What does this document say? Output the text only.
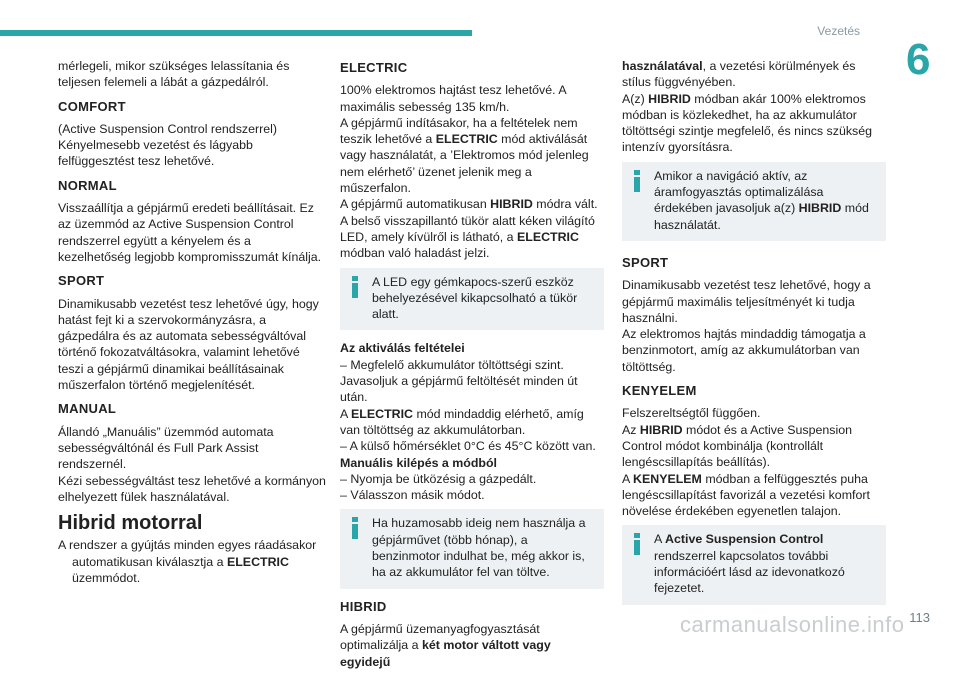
Vezetés
6

mérlegeli, mikor szükséges lelassítania és teljesen felemeli a lábát a gázpedálról.

COMFORT

(Active Suspension Control rendszerrel) Kényelmesebb vezetést és lágyabb felfüggesztést tesz lehetővé.

NORMAL

Visszaállítja a gépjármű eredeti beállításait. Ez az üzemmód az Active Suspension Control rendszerrel együtt a kényelem és a kezelhetőség legjobb kompromisszumát kínálja.

SPORT

Dinamikusabb vezetést tesz lehetővé úgy, hogy hatást fejt ki a szervokormányzásra, a gázpedálra és az automata sebességváltóval történő fokozatváltásokra, valamint lehetővé teszi a gépjármű dinamikai beállításainak műszerfalon történő megjelenítését.

MANUAL

Állandó „Manuális” üzemmód automata sebességváltónál és Full Park Assist rendszernél.

Kézi sebességváltást tesz lehetővé a kormányon elhelyezett fülek használatával.

Hibrid motorral

A rendszer a gyújtás minden egyes ráadásakor automatikusan kiválasztja a ELECTRIC üzemmódot.

ELECTRIC

100% elektromos hajtást tesz lehetővé. A maximális sebesség 135 km/h.

A gépjármű indításakor, ha a feltételek nem teszik lehetővé a ELECTRIC mód aktiválását vagy használatát, a ’Elektromos mód jelenleg nem elérhető’ üzenet jelenik meg a műszerfalon.

A gépjármű automatikusan HIBRID módra vált.

A belső visszapillantó tükör alatt kéken világító LED, amely kívülről is látható, a ELECTRIC módban való haladást jelzi.

A LED egy gémkapocs-szerű eszköz behelyezésével kikapcsolható a tükör alatt.

Az aktiválás feltételei

– Megfelelő akkumulátor töltöttségi szint.

Javasoljuk a gépjármű feltöltését minden út után.

A ELECTRIC mód mindaddig elérhető, amíg van töltöttség az akkumulátorban.

– A külső hőmérséklet 0°C és 45°C között van.

Manuális kilépés a módból

– Nyomja be ütközésig a gázpedált.

– Válasszon másik módot.

Ha huzamosabb ideig nem használja a gépjárművet (több hónap), a benzinmotor indulhat be, még akkor is, ha az akkumulátor fel van töltve.
HIBRID

A gépjármű üzemanyagfogyasztását optimalizálja a két motor váltott vagy egyidejű

használatával, a vezetési körülmények és stílus függvényében.

A(z) HIBRID módban akár 100% elektromos módban is közlekedhet, ha az akkumulátor töltöttségi szintje megfelelő, és nincs szükség intenzív gyorsításra.

Amikor a navigáció aktív, az áramfogyasztás optimalizálása érdekében javasoljuk a(z) HIBRID mód használatát.
SPORT

Dinamikusabb vezetést tesz lehetővé, hogy a gépjármű maximális teljesítményét ki tudja használni.

Az elektromos hajtás mindaddig támogatja a benzinmotort, amíg az akkumulátorban van töltöttség.

KENYELEM

Felszereltségtől függően.

Az HIBRID módot és a Active Suspension Control módot kombinálja (kontrollált lengéscsillapítás beállítás).

A KENYELEM módban a felfüggesztés puha lengéscsillapítást favorizál a vezetési komfort növelése érdekében egyenetlen talajon.

A Active Suspension Control rendszerrel kapcsolatos további információért lásd az idevonatkozó fejezetet.
carmanualsonline.info 113
